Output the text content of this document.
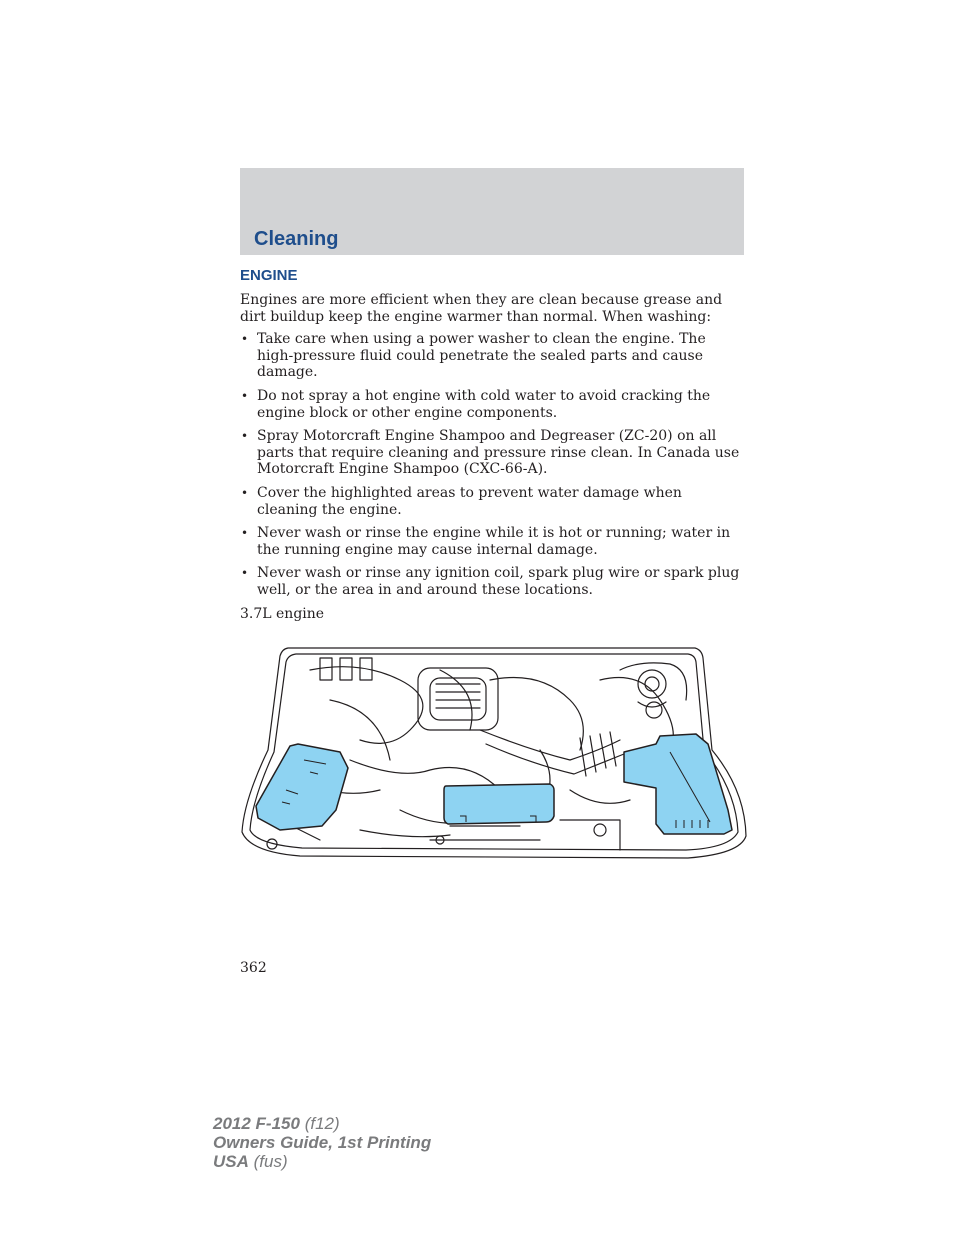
Cleaning
ENGINE

Engines are more efficient when they are clean because grease and dirt buildup keep the engine warmer than normal. When washing:

• Take care when using a power washer to clean the engine. The high-pressure fluid could penetrate the sealed parts and cause damage.
• Do not spray a hot engine with cold water to avoid cracking the engine block or other engine components.
• Spray Motorcraft Engine Shampoo and Degreaser (ZC-20) on all parts that require cleaning and pressure rinse clean. In Canada use Motorcraft Engine Shampoo (CXC-66-A).
• Cover the highlighted areas to prevent water damage when cleaning the engine.
• Never wash or rinse the engine while it is hot or running; water in the running engine may cause internal damage.
• Never wash or rinse any ignition coil, spark plug wire or spark plug well, or the area in and around these locations.

3.7L engine

362
2012 F-150 (f12)
Owners Guide, 1st Printing
USA (fus)
